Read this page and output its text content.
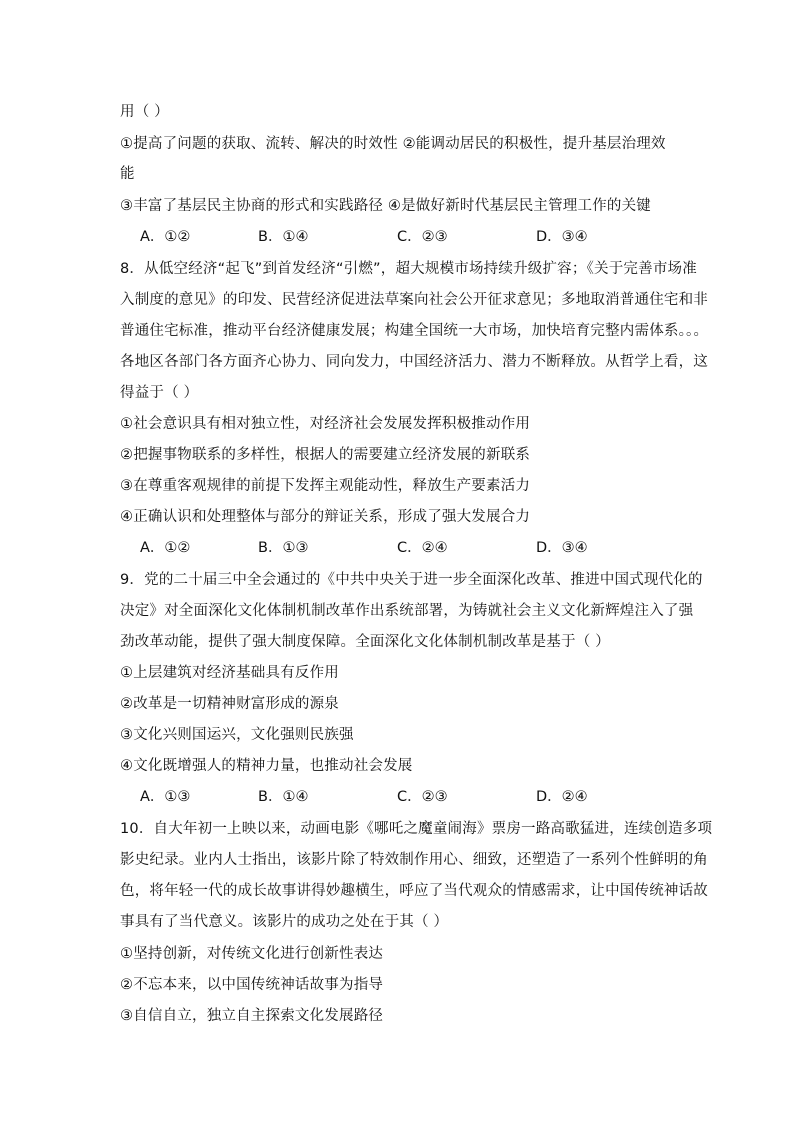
用（ ）
①提高了问题的获取、流转、解决的时效性 ②能调动居民的积极性，提升基层治理效
能
③丰富了基层民主协商的形式和实践路径 ④是做好新时代基层民主管理工作的关键
A．①②	B．①④	C．②③	D．③④
8．从低空经济“起飞”到首发经济“引燃”，超大规模市场持续升级扩容；《关于完善市场准
入制度的意见》的印发、民营经济促进法草案向社会公开征求意见；多地取消普通住宅和非
普通住宅标准，推动平台经济健康发展；构建全国统一大市场，加快培育完整内需体系。。。
各地区各部门各方面齐心协力、同向发力，中国经济活力、潜力不断释放。从哲学上看，这
得益于（ ）
①社会意识具有相对独立性，对经济社会发展发挥积极推动作用
②把握事物联系的多样性，根据人的需要建立经济发展的新联系
③在尊重客观规律的前提下发挥主观能动性，释放生产要素活力
④正确认识和处理整体与部分的辩证关系，形成了强大发展合力
A．①②	B．①③	C．②④	D．③④
9．党的二十届三中全会通过的《中共中央关于进一步全面深化改革、推进中国式现代化的
决定》对全面深化文化体制机制改革作出系统部署，为铸就社会主义文化新辉煌注入了强
劲改革动能，提供了强大制度保障。全面深化文化体制机制改革是基于（ ）
①上层建筑对经济基础具有反作用
②改革是一切精神财富形成的源泉
③文化兴则国运兴，文化强则民族强
④文化既增强人的精神力量，也推动社会发展
A．①③	B．①④	C．②③	D．②④
10．自大年初一上映以来，动画电影《哪吒之魔童闹海》票房一路高歌猛进，连续创造多项
影史纪录。业内人士指出，该影片除了特效制作用心、细致，还塑造了一系列个性鲜明的角
色，将年轻一代的成长故事讲得妙趣横生，呼应了当代观众的情感需求，让中国传统神话故
事具有了当代意义。该影片的成功之处在于其（ ）
①坚持创新，对传统文化进行创新性表达
②不忘本来，以中国传统神话故事为指导
③自信自立，独立自主探索文化发展路径
